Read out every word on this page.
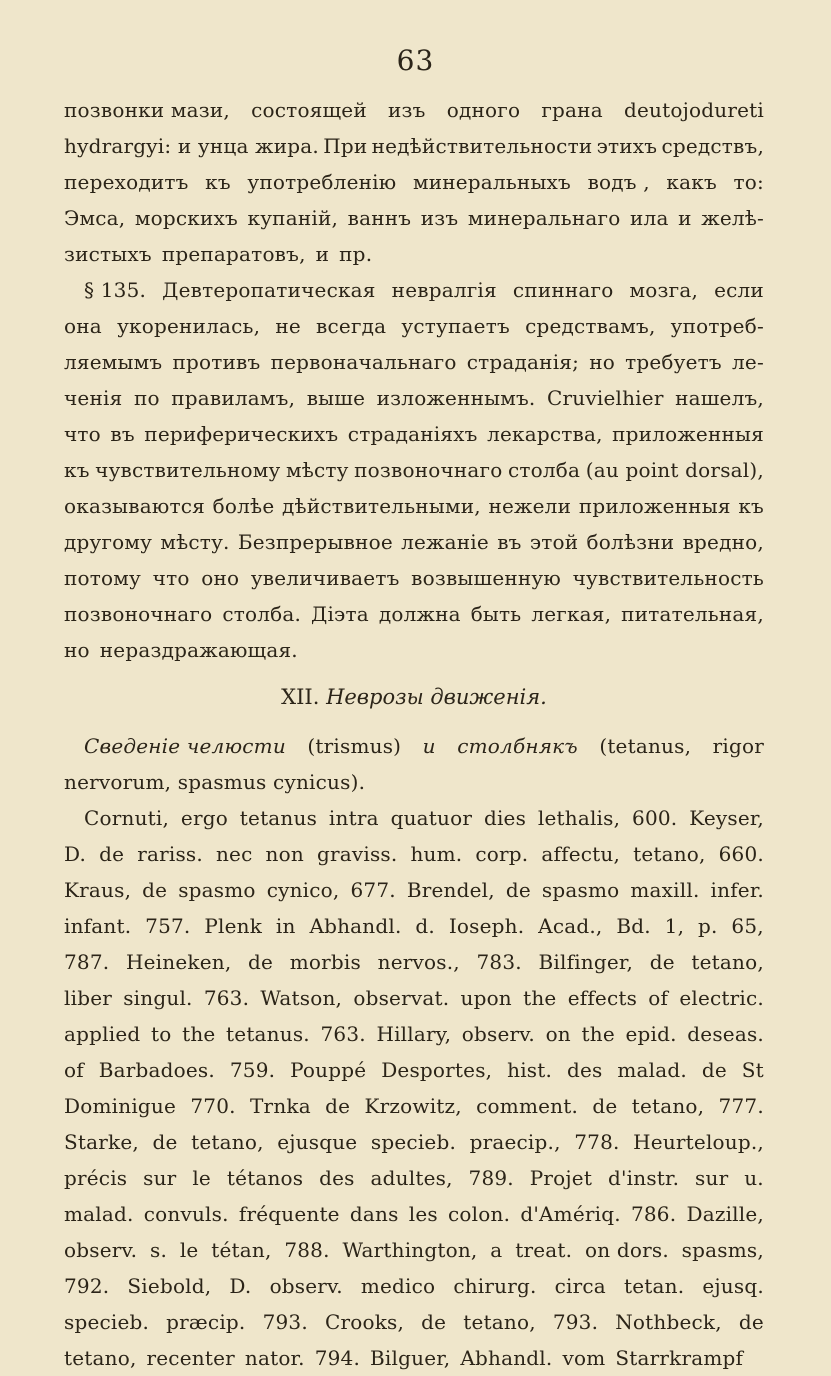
63
позвонки мази, состоящей изъ одного грана deutojodureti
hydrargyi: и унца жира. При недѣйствительности этихъ средствъ,
переходитъ къ употребленію минеральныхъ водъ , какъ то:
Эмса, морскихъ купаній, ваннъ изъ минеральнаго ила и желѣ-
зистыхъ препаратовъ, и пр.
§ 135. Девтеропатическая невралгія спиннаго мозга, если
она укоренилась, не всегда уступаетъ средствамъ, употреб-
ляемымъ противъ первоначальнаго страданія; но требуетъ ле-
ченія по правиламъ, выше изложеннымъ. Cruvielhier нашелъ,
что въ периферическихъ страданіяхъ лекарства, приложенныя
къ чувствительному мѣсту позвоночнаго столба (au point dorsal),
оказываются болѣе дѣйствительными, нежели приложенныя къ
другому мѣсту. Безпрерывное лежаніе въ этой болѣзни вредно,
потому что оно увеличиваетъ возвышенную чувствительность
позвоночнаго столба. Діэта должна быть легкая, питательная,
но нераздражающая.
XII. Неврозы движенія.
Сведеніе челюсти (trismus) и столбнякъ (tetanus, rigor
nervorum, spasmus cynicus).
Cornuti, ergo tetanus intra quatuor dies lethalis, 600. Keyser,
D. de rariss. nec non graviss. hum. corp. affectu, tetano, 660.
Kraus, de spasmo cynico, 677. Brendel, de spasmo maxill. infer.
infant. 757. Plenk in Abhandl. d. Ioseph. Acad., Bd. 1, p. 65,
787. Heineken, de morbis nervos., 783. Bilfinger, de tetano,
liber singul. 763. Watson, observat. upon the effects of electric.
applied to the tetanus. 763. Hillary, observ. on the epid. deseas.
of Barbadoes. 759. Pouppé Desportes, hist. des malad. de St
Dominigue 770. Trnka de Krzowitz, comment. de tetano, 777.
Starke, de tetano, ejusque speciеb. praecip., 778. Heurteloup.,
précis sur le tétanos des adultes, 789. Projet d'instr. sur u.
malad. convuls. fréquente dans les colon. d'Amériq. 786. Dazille,
observ. s. le tétan, 788. Warthington, a treat. on dors. spasms,
792. Siebold, D. observ. medico chirurg. circa tetan. ejusq.
specieb. præcip. 793. Crooks, de tetano, 793. Nothbeck, de
tetano, recenter nator. 794. Bilguer, Abhandl. vom Starrkrampf
